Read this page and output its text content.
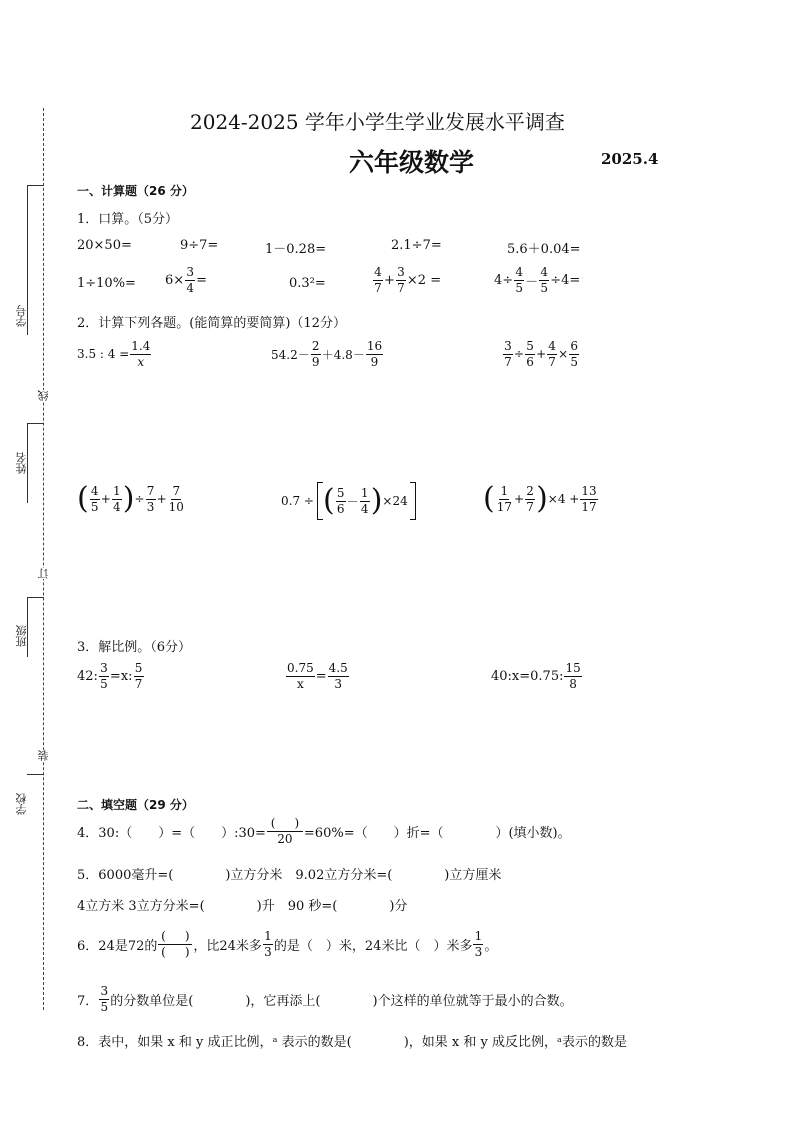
学号
姓名
班级
学校
线
订
装
2024-2025 学年小学生学业发展水平调查
六年级数学	2025.4
一、计算题（26 分）
1．口算。（5分）
20×50=	9÷7=	1－0.28=	2.1÷7=	5.6＋0.04=
$1\div 10\%= 6\times \frac{3}{4}$ =	0.3²=	$\frac{4}{7} + \frac{3}{7} \times 2$ =	$4\div \frac{4}{5} - \frac{4}{5} \div 4=$
2．计算下列各题。(能简算的要简算)（12分）
3.5 : $4 = \frac{1.4}{x}$	$54.2- \frac{2}{9} +4.8- \frac{16}{9}$	$\frac{3}{7} \div \frac{5}{6} + \frac{4}{7} \times \frac{6}{5}$
( $\frac{4}{5} + \frac{1}{4}$ ) ÷ $\frac{7}{3} + \frac{7}{10}$	0.7 ÷ ( $\frac{5}{6} - \frac{1}{4}$ ) ×24	( $\frac{1}{17} + \frac{2}{7}$ ) $\times 4 + \frac{13}{17}$
3．解比例。（6分）
42: $\frac{3}{5} =x$: $\frac{5}{7}$	$\frac{0.75}{x} = \frac{4.5}{3}$	40:x=0.75: $\frac{15}{8}$
二、填空题（29 分）
4．30:（　　）=（　　）:30= $\frac{( )}{20} =60\%=$（　　）折=（　　　　）(填小数)。
5．6000毫升=(　　　　)立方分米　9.02立方分米=(　　　　)立方厘米
4立方米 3立方分米=(　　　　)升　90 秒=(　　　　)分
6．24是72的 $\frac{( )}{( )}$ ，比24米多 $\frac{1}{3}$ 的是（　）米，24米比（　）米多 $\frac{1}{3}$ 。
7． $\frac{3}{5}$ 的分数单位是(　　　　)，它再添上(　　　　)个这样的单位就等于最小的合数。
8．表中，如果 x 和 y 成正比例，ᵃ 表示的数是(　　　　)，如果 x 和 y 成反比例，ᵃ表示的数是
